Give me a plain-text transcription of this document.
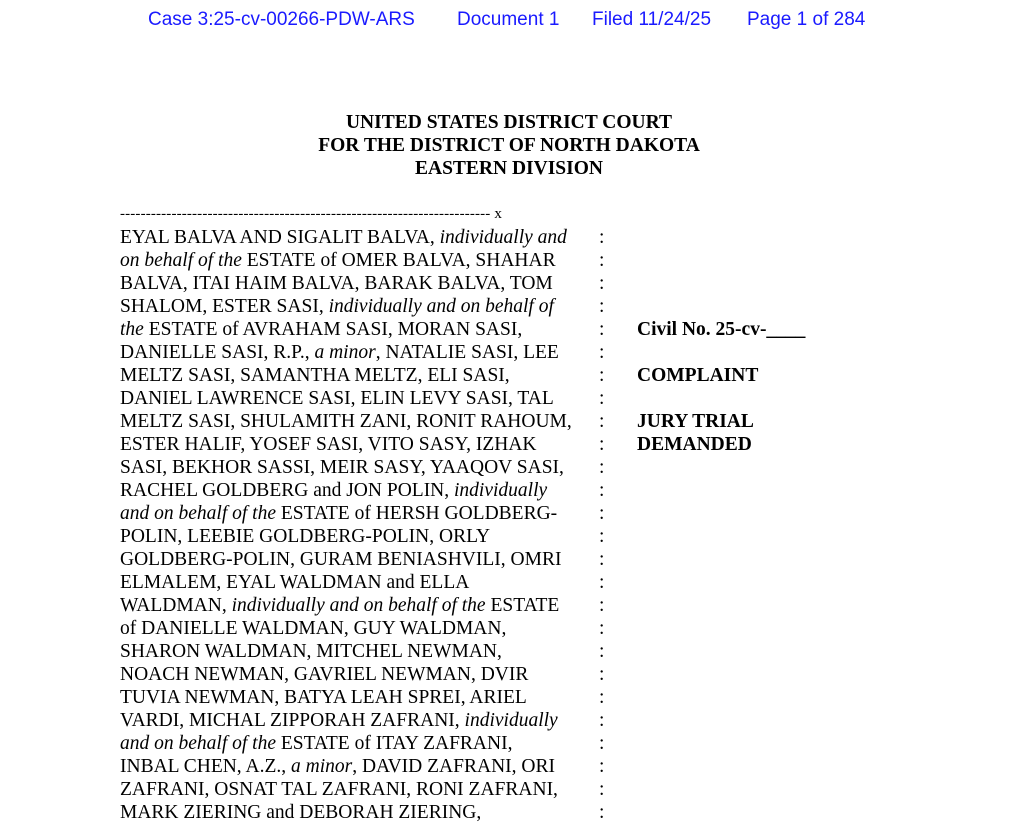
Case 3:25-cv-00266-PDW-ARS Document 1 Filed 11/24/25 Page 1 of 284
UNITED STATES DISTRICT COURT
FOR THE DISTRICT OF NORTH DAKOTA
EASTERN DIVISION
------------------------------------------------------------------------ x
EYAL BALVA AND SIGALIT BALVA, individually and
on behalf of the ESTATE of OMER BALVA, SHAHAR
BALVA, ITAI HAIM BALVA, BARAK BALVA, TOM
SHALOM, ESTER SASI, individually and on behalf of
the ESTATE of AVRAHAM SASI, MORAN SASI,
DANIELLE SASI, R.P., a minor, NATALIE SASI, LEE
MELTZ SASI, SAMANTHA MELTZ, ELI SASI,
DANIEL LAWRENCE SASI, ELIN LEVY SASI, TAL
MELTZ SASI, SHULAMITH ZANI, RONIT RAHOUM,
ESTER HALIF, YOSEF SASI, VITO SASY, IZHAK
SASI, BEKHOR SASSI, MEIR SASY, YAAQOV SASI,
RACHEL GOLDBERG and JON POLIN, individually
and on behalf of the ESTATE of HERSH GOLDBERG-
POLIN, LEEBIE GOLDBERG-POLIN, ORLY
GOLDBERG-POLIN, GURAM BENIASHVILI, OMRI
ELMALEM, EYAL WALDMAN and ELLA
WALDMAN, individually and on behalf of the ESTATE
of DANIELLE WALDMAN, GUY WALDMAN,
SHARON WALDMAN, MITCHEL NEWMAN,
NOACH NEWMAN, GAVRIEL NEWMAN, DVIR
TUVIA NEWMAN, BATYA LEAH SPREI, ARIEL
VARDI, MICHAL ZIPPORAH ZAFRANI, individually
and on behalf of the ESTATE of ITAY ZAFRANI,
INBAL CHEN, A.Z., a minor, DAVID ZAFRANI, ORI
ZAFRANI, OSNAT TAL ZAFRANI, RONI ZAFRANI,
MARK ZIERING and DEBORAH ZIERING,
:
:
:
:
:
:
:
:
:
:
:
:
:
:
:
:
:
:
:
:
:
:
:
:
:
:
Civil No. 25-cv-____
COMPLAINT
JURY TRIAL
DEMANDED
